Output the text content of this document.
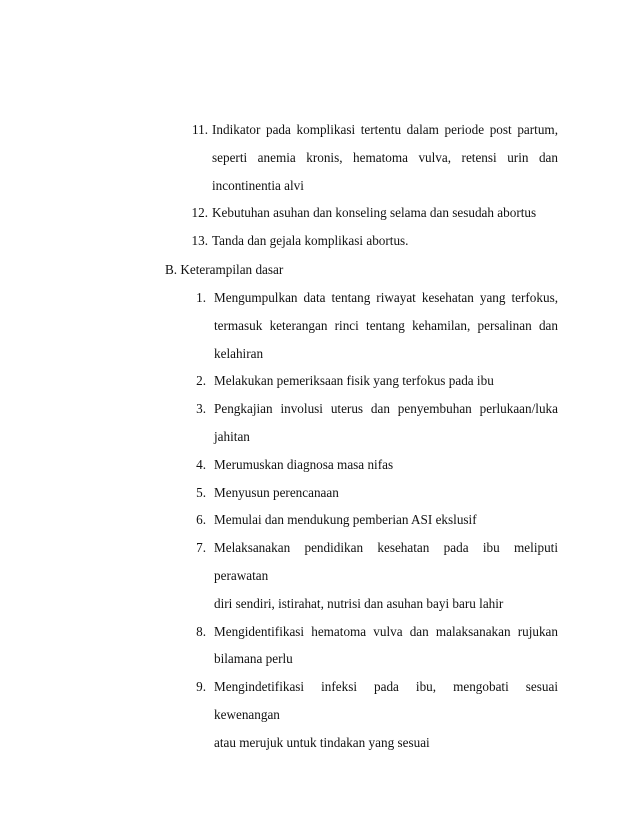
11. Indikator pada komplikasi tertentu dalam periode post partum,
seperti anemia kronis, hematoma vulva, retensi urin dan
incontinentia alvi
12. Kebutuhan asuhan dan konseling selama dan sesudah abortus
13. Tanda dan gejala komplikasi abortus.
B. Keterampilan dasar
1. Mengumpulkan data tentang riwayat kesehatan yang terfokus,
termasuk keterangan rinci tentang kehamilan, persalinan dan
kelahiran
2. Melakukan pemeriksaan fisik yang terfokus pada ibu
3. Pengkajian involusi uterus dan penyembuhan perlukaan/luka
jahitan
4. Merumuskan diagnosa masa nifas
5. Menyusun perencanaan
6. Memulai dan mendukung pemberian ASI ekslusif
7. Melaksanakan pendidikan kesehatan pada ibu meliputi perawatan
diri sendiri, istirahat, nutrisi dan asuhan bayi baru lahir
8. Mengidentifikasi hematoma vulva dan malaksanakan rujukan
bilamana perlu
9. Mengindetifikasi infeksi pada ibu, mengobati sesuai kewenangan
atau merujuk untuk tindakan yang sesuai
